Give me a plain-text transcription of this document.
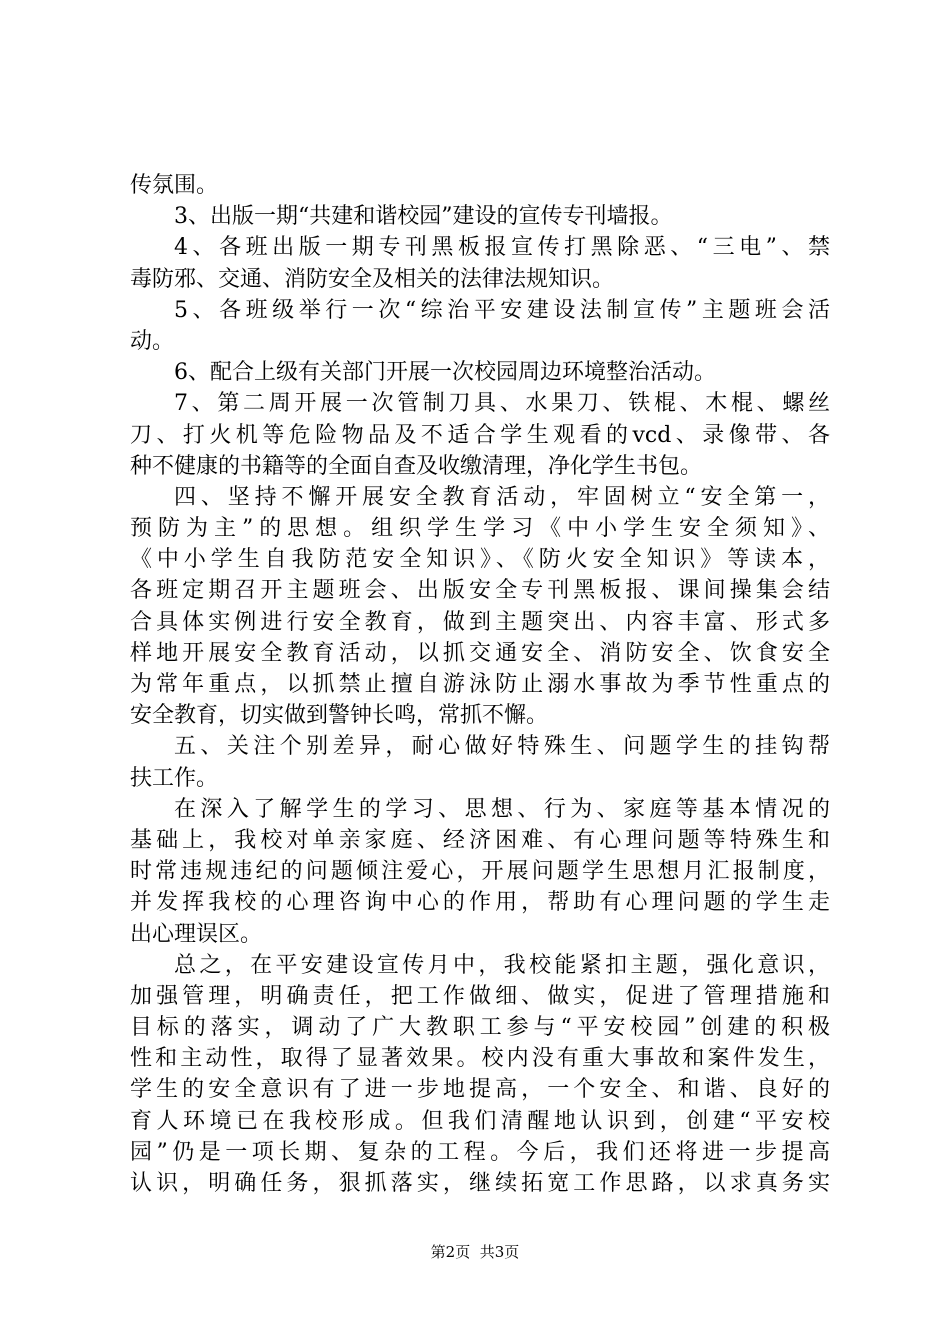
传氛围。
3、出版一期“共建和谐校园”建设的宣传专刊墙报。
4、各班出版一期专刊黑板报宣传打黑除恶、“三电”、禁
毒防邪、交通、消防安全及相关的法律法规知识。
5、各班级举行一次“综治平安建设法制宣传”主题班会活
动。
6、配合上级有关部门开展一次校园周边环境整治活动。
7、第二周开展一次管制刀具、水果刀、铁棍、木棍、螺丝
刀、打火机等危险物品及不适合学生观看的vcd、录像带、各
种不健康的书籍等的全面自查及收缴清理，净化学生书包。
四、坚持不懈开展安全教育活动，牢固树立“安全第一，
预防为主”的思想。组织学生学习《中小学生安全须知》、
《中小学生自我防范安全知识》、《防火安全知识》等读本，
各班定期召开主题班会、出版安全专刊黑板报、课间操集会结
合具体实例进行安全教育，做到主题突出、内容丰富、形式多
样地开展安全教育活动，以抓交通安全、消防安全、饮食安全
为常年重点，以抓禁止擅自游泳防止溺水事故为季节性重点的
安全教育，切实做到警钟长鸣，常抓不懈。
五、关注个别差异，耐心做好特殊生、问题学生的挂钩帮
扶工作。
在深入了解学生的学习、思想、行为、家庭等基本情况的
基础上，我校对单亲家庭、经济困难、有心理问题等特殊生和
时常违规违纪的问题倾注爱心，开展问题学生思想月汇报制度，
并发挥我校的心理咨询中心的作用，帮助有心理问题的学生走
出心理误区。
总之，在平安建设宣传月中，我校能紧扣主题，强化意识，
加强管理，明确责任，把工作做细、做实，促进了管理措施和
目标的落实，调动了广大教职工参与“平安校园”创建的积极
性和主动性，取得了显著效果。校内没有重大事故和案件发生，
学生的安全意识有了进一步地提高，一个安全、和谐、良好的
育人环境已在我校形成。但我们清醒地认识到，创建“平安校
园”仍是一项长期、复杂的工程。今后，我们还将进一步提高
认识，明确任务，狠抓落实，继续拓宽工作思路，以求真务实
第2页 共3页
